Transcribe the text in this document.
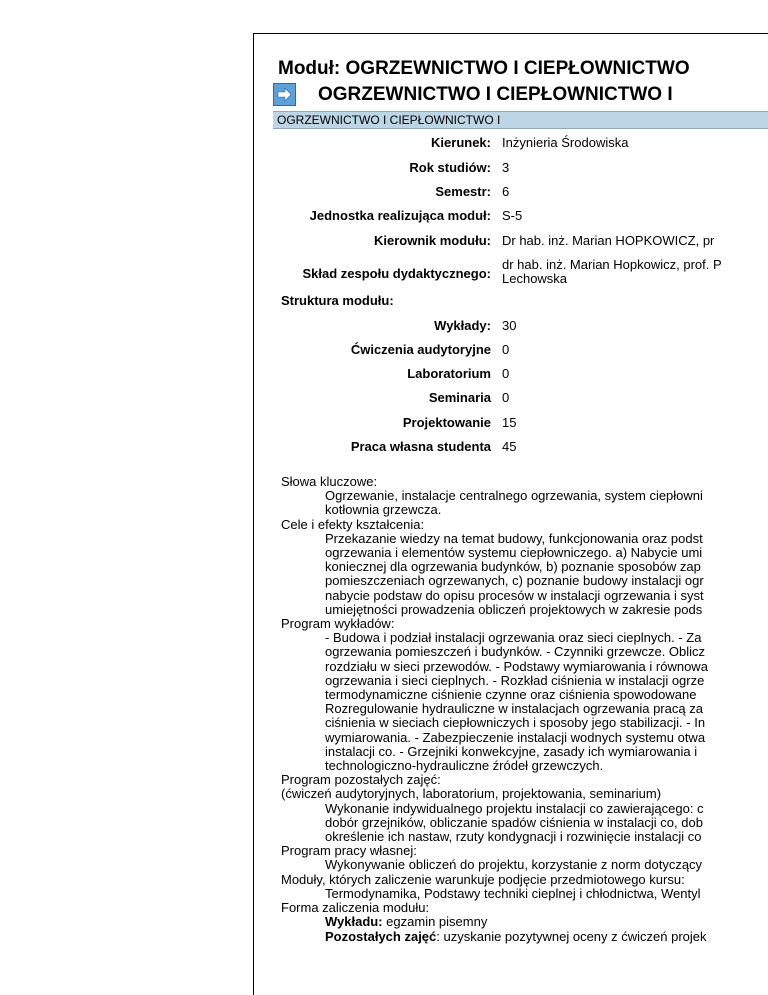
Moduł: OGRZEWNICTWO I CIEPŁOWNICTWO
OGRZEWNICTWO I CIEPŁOWNICTWO I
OGRZEWNICTWO I CIEPŁOWNICTWO I
Kierunek: Inżynieria Środowiska
Rok studiów: 3
Semestr: 6
Jednostka realizująca moduł: S-5
Kierownik modułu: Dr hab. inż. Marian HOPKOWICZ, pr
Skład zespołu dydaktycznego:
dr hab. inż. Marian Hopkowicz, prof. P
Lechowska
Struktura modułu:
Wykłady: 30
Ćwiczenia audytoryjne 0
Laboratorium 0
Seminaria 0
Projektowanie 15
Praca własna studenta 45
Słowa kluczowe:
Ogrzewanie, instalacje centralnego ogrzewania, system ciepłowni
kotłownia grzewcza.
Cele i efekty kształcenia:
Przekazanie wiedzy na temat budowy, funkcjonowania oraz podst
ogrzewania i elementów systemu ciepłowniczego. a) Nabycie umi
koniecznej dla ogrzewania budynków, b) poznanie sposobów zap
pomieszczeniach ogrzewanych, c) poznanie budowy instalacji ogr
nabycie podstaw do opisu procesów w instalacji ogrzewania i syst
umiejętności prowadzenia obliczeń projektowych w zakresie pods
Program wykładów:
- Budowa i podział instalacji ogrzewania oraz sieci cieplnych. - Za
ogrzewania pomieszczeń i budynków. - Czynniki grzewcze. Oblicz
rozdziału w sieci przewodów. - Podstawy wymiarowania i równowa
ogrzewania i sieci cieplnych. - Rozkład ciśnienia w instalacji ogrze
termodynamiczne ciśnienie czynne oraz ciśnienia spowodowane
Rozregulowanie hydrauliczne w instalacjach ogrzewania pracą za
ciśnienia w sieciach ciepłowniczych i sposoby jego stabilizacji. - In
wymiarowania. - Zabezpieczenie instalacji wodnych systemu otwa
instalacji co. - Grzejniki konwekcyjne, zasady ich wymiarowania i
technologiczno-hydrauliczne źródeł grzewczych.
Program pozostałych zajęć:
(ćwiczeń audytoryjnych, laboratorium, projektowania, seminarium)
Wykonanie indywidualnego projektu instalacji co zawierającego: c
dobór grzejników, obliczanie spadów ciśnienia w instalacji co, dob
określenie ich nastaw, rzuty kondygnacji i rozwinięcie instalacji co
Program pracy własnej:
Wykonywanie obliczeń do projektu, korzystanie z norm dotyczący
Moduły, których zaliczenie warunkuje podjęcie przedmiotowego kursu:
Termodynamika, Podstawy techniki cieplnej i chłodnictwa, Wentyl
Forma zaliczenia modułu:
Wykładu: egzamin pisemny
Pozostałych zajęć: uzyskanie pozytywnej oceny z ćwiczeń projek
